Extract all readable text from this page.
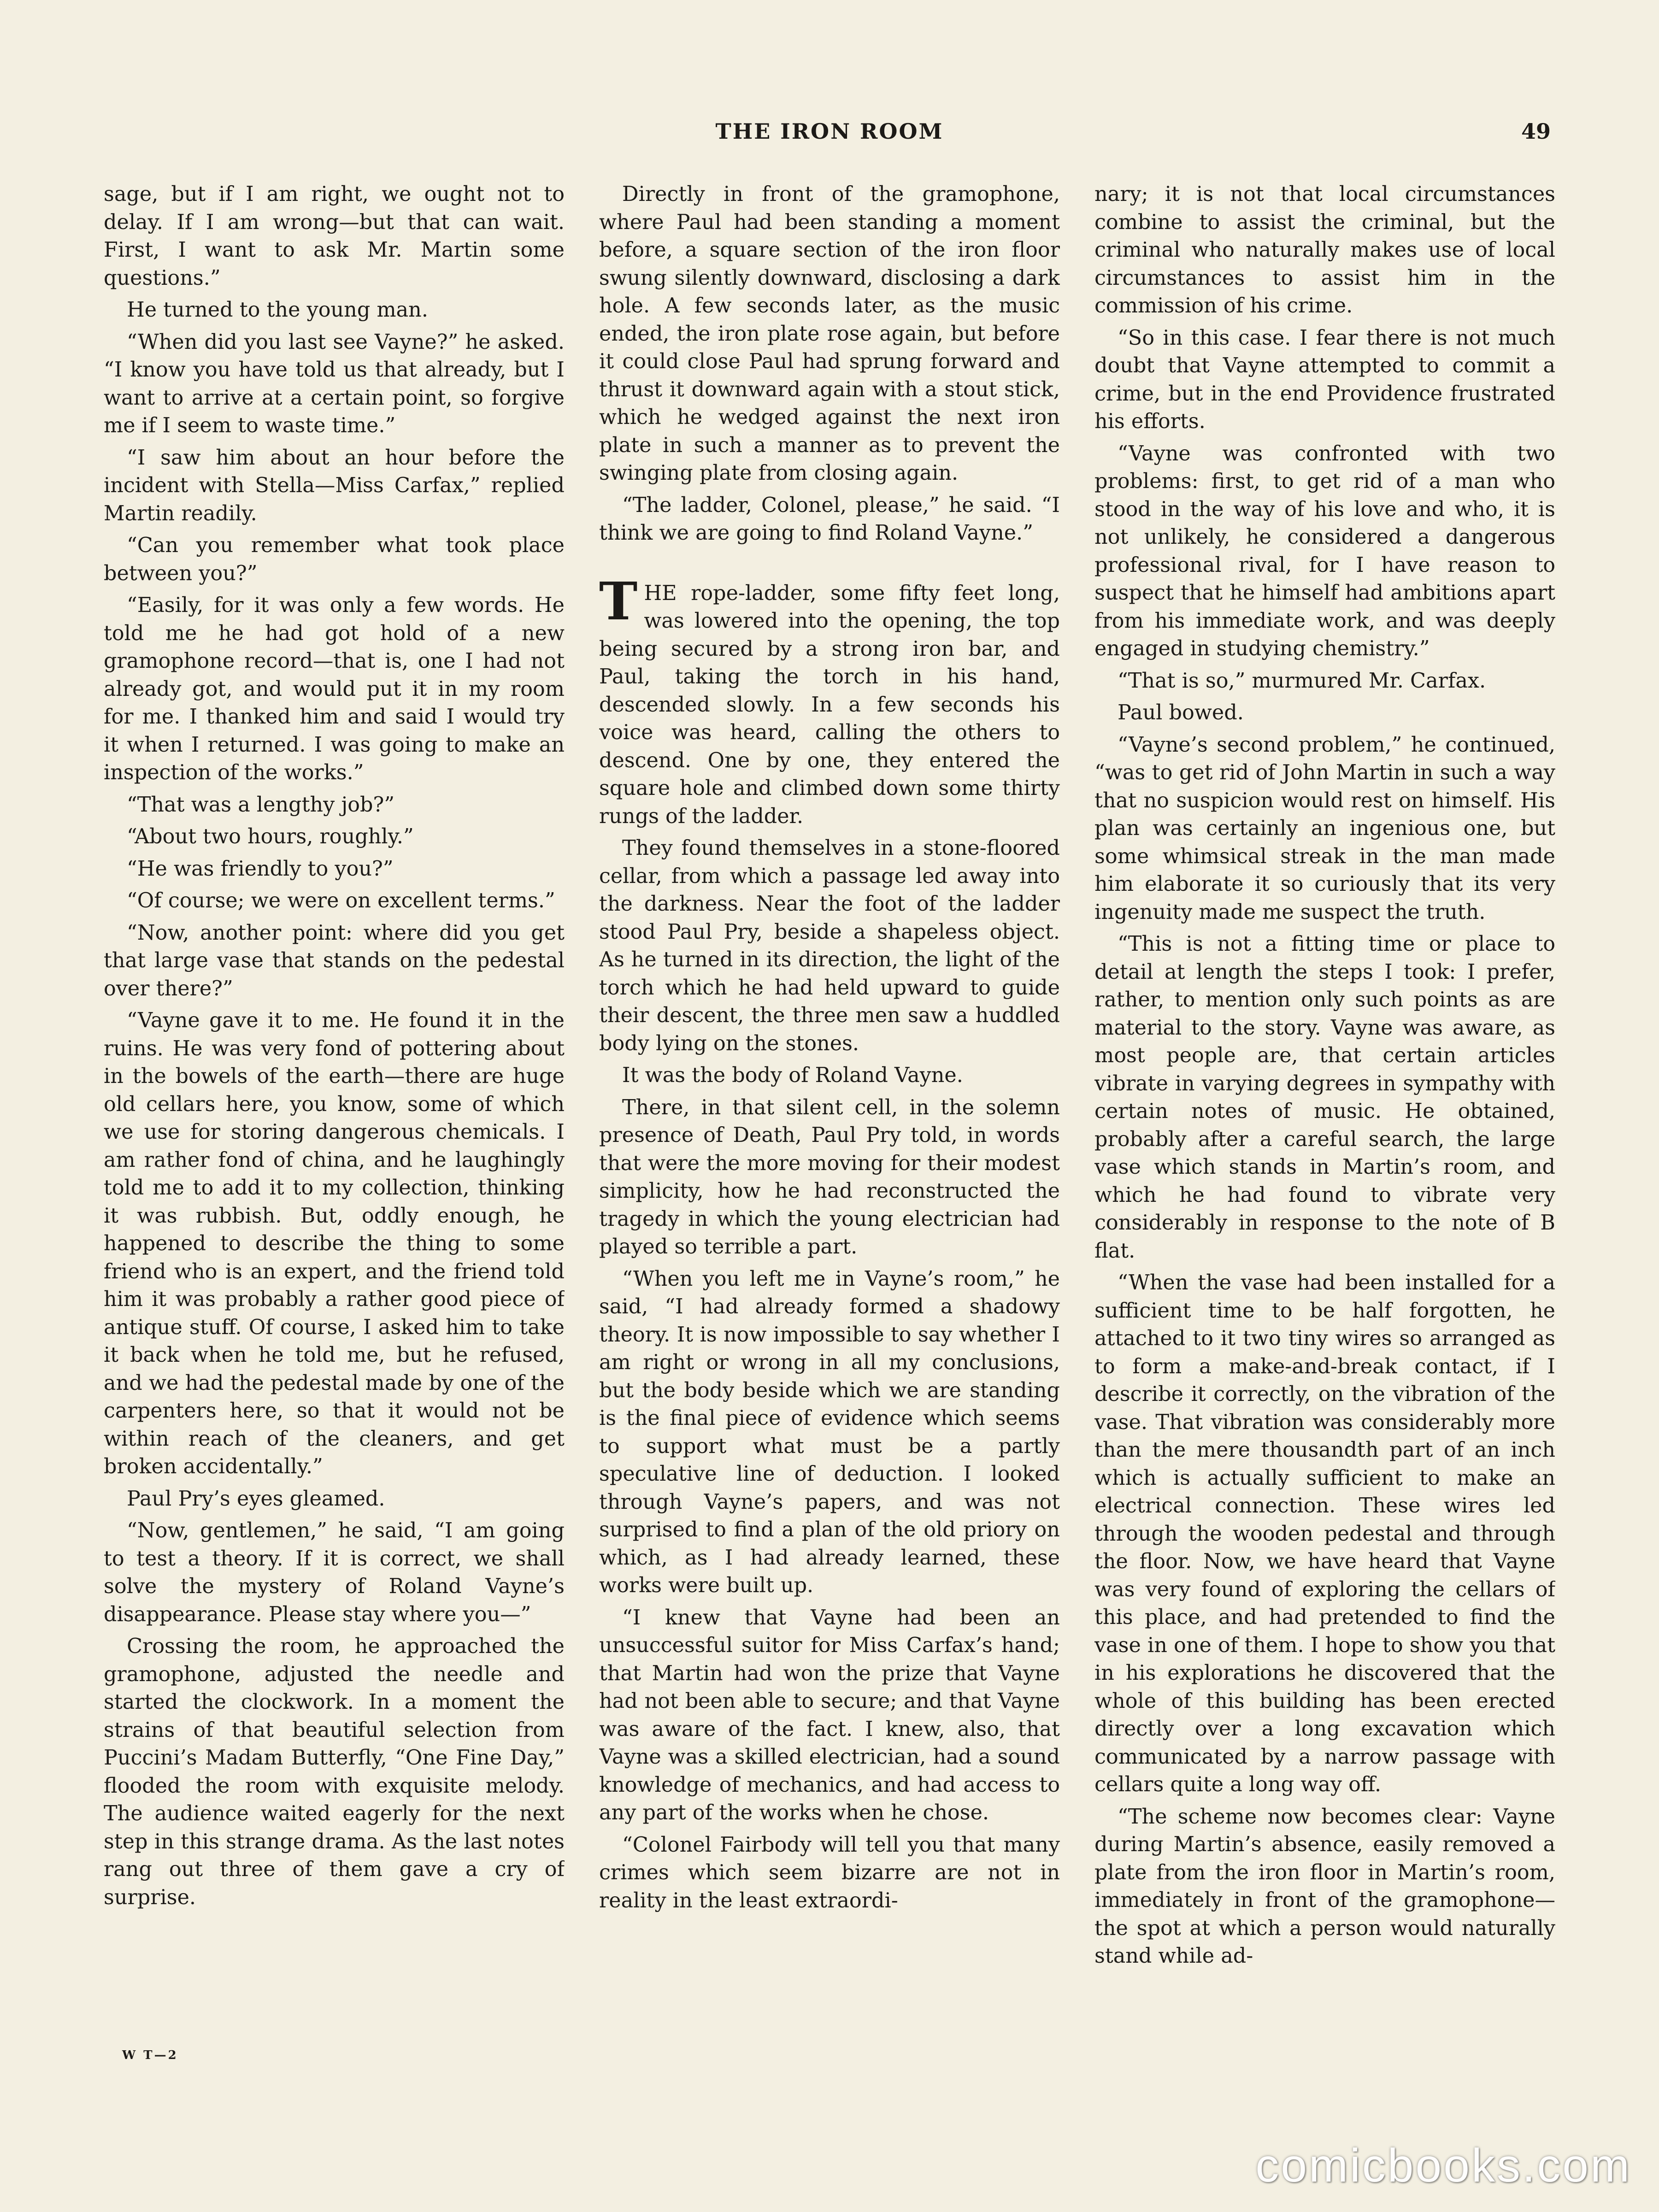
THE IRON ROOM	49

sage, but if I am right, we ought not to delay. If I am wrong—but that can wait. First, I want to ask Mr. Martin some questions.”

He turned to the young man.

“When did you last see Vayne?” he asked. “I know you have told us that already, but I want to arrive at a certain point, so forgive me if I seem to waste time.”

“I saw him about an hour before the incident with Stella—Miss Carfax,” replied Martin readily.

“Can you remember what took place between you?”

“Easily, for it was only a few words. He told me he had got hold of a new gramophone record—that is, one I had not already got, and would put it in my room for me. I thanked him and said I would try it when I returned. I was going to make an inspection of the works.”

“That was a lengthy job?”

“About two hours, roughly.”

“He was friendly to you?”

“Of course; we were on excellent terms.”

“Now, another point: where did you get that large vase that stands on the pedestal over there?”

“Vayne gave it to me. He found it in the ruins. He was very fond of pottering about in the bowels of the earth—there are huge old cellars here, you know, some of which we use for storing dangerous chemicals. I am rather fond of china, and he laughingly told me to add it to my collection, thinking it was rubbish. But, oddly enough, he happened to describe the thing to some friend who is an expert, and the friend told him it was probably a rather good piece of antique stuff. Of course, I asked him to take it back when he told me, but he refused, and we had the pedestal made by one of the carpenters here, so that it would not be within reach of the cleaners, and get broken accidentally.”

Paul Pry’s eyes gleamed.

“Now, gentlemen,” he said, “I am going to test a theory. If it is correct, we shall solve the mystery of Roland Vayne’s disappearance. Please stay where you—”

Crossing the room, he approached the gramophone, adjusted the needle and started the clockwork. In a moment the strains of that beautiful selection from Puccini’s Madam Butterfly, “One Fine Day,” flooded the room with exquisite melody. The audience waited eagerly for the next step in this strange drama. As the last notes rang out three of them gave a cry of surprise.

Directly in front of the gramophone, where Paul had been standing a moment before, a square section of the iron floor swung silently downward, disclosing a dark hole. A few seconds later, as the music ended, the iron plate rose again, but before it could close Paul had sprung forward and thrust it downward again with a stout stick, which he wedged against the next iron plate in such a manner as to prevent the swinging plate from closing again.

“The ladder, Colonel, please,” he said. “I think we are going to find Roland Vayne.”

THE rope-ladder, some fifty feet long, was lowered into the opening, the top being secured by a strong iron bar, and Paul, taking the torch in his hand, descended slowly. In a few seconds his voice was heard, calling the others to descend. One by one, they entered the square hole and climbed down some thirty rungs of the ladder.

They found themselves in a stone-floored cellar, from which a passage led away into the darkness. Near the foot of the ladder stood Paul Pry, beside a shapeless object. As he turned in its direction, the light of the torch which he had held upward to guide their descent, the three men saw a huddled body lying on the stones.

It was the body of Roland Vayne.

There, in that silent cell, in the solemn presence of Death, Paul Pry told, in words that were the more moving for their modest simplicity, how he had reconstructed the tragedy in which the young electrician had played so terrible a part.

“When you left me in Vayne’s room,” he said, “I had already formed a shadowy theory. It is now impossible to say whether I am right or wrong in all my conclusions, but the body beside which we are standing is the final piece of evidence which seems to support what must be a partly speculative line of deduction. I looked through Vayne’s papers, and was not surprised to find a plan of the old priory on which, as I had already learned, these works were built up.

“I knew that Vayne had been an unsuccessful suitor for Miss Carfax’s hand; that Martin had won the prize that Vayne had not been able to secure; and that Vayne was aware of the fact. I knew, also, that Vayne was a skilled electrician, had a sound knowledge of mechanics, and had access to any part of the works when he chose.

“Colonel Fairbody will tell you that many crimes which seem bizarre are not in reality in the least extraordi-

nary; it is not that local circumstances combine to assist the criminal, but the criminal who naturally makes use of local circumstances to assist him in the commission of his crime.

“So in this case. I fear there is not much doubt that Vayne attempted to commit a crime, but in the end Providence frustrated his efforts.

“Vayne was confronted with two problems: first, to get rid of a man who stood in the way of his love and who, it is not unlikely, he considered a dangerous professional rival, for I have reason to suspect that he himself had ambitions apart from his immediate work, and was deeply engaged in studying chemistry.”

“That is so,” murmured Mr. Carfax.

Paul bowed.

“Vayne’s second problem,” he continued, “was to get rid of John Martin in such a way that no suspicion would rest on himself. His plan was certainly an ingenious one, but some whimsical streak in the man made him elaborate it so curiously that its very ingenuity made me suspect the truth.

“This is not a fitting time or place to detail at length the steps I took: I prefer, rather, to mention only such points as are material to the story. Vayne was aware, as most people are, that certain articles vibrate in varying degrees in sympathy with certain notes of music. He obtained, probably after a careful search, the large vase which stands in Martin’s room, and which he had found to vibrate very considerably in response to the note of B flat.

“When the vase had been installed for a sufficient time to be half forgotten, he attached to it two tiny wires so arranged as to form a make-and-break contact, if I describe it correctly, on the vibration of the vase. That vibration was considerably more than the mere thousandth part of an inch which is actually sufficient to make an electrical connection. These wires led through the wooden pedestal and through the floor. Now, we have heard that Vayne was very found of exploring the cellars of this place, and had pretended to find the vase in one of them. I hope to show you that in his explorations he discovered that the whole of this building has been erected directly over a long excavation which communicated by a narrow passage with cellars quite a long way off.

“The scheme now becomes clear: Vayne during Martin’s absence, easily removed a plate from the iron floor in Martin’s room, immediately in front of the gramophone—the spot at which a person would naturally stand while ad-

W T—2
comicbooks.com
